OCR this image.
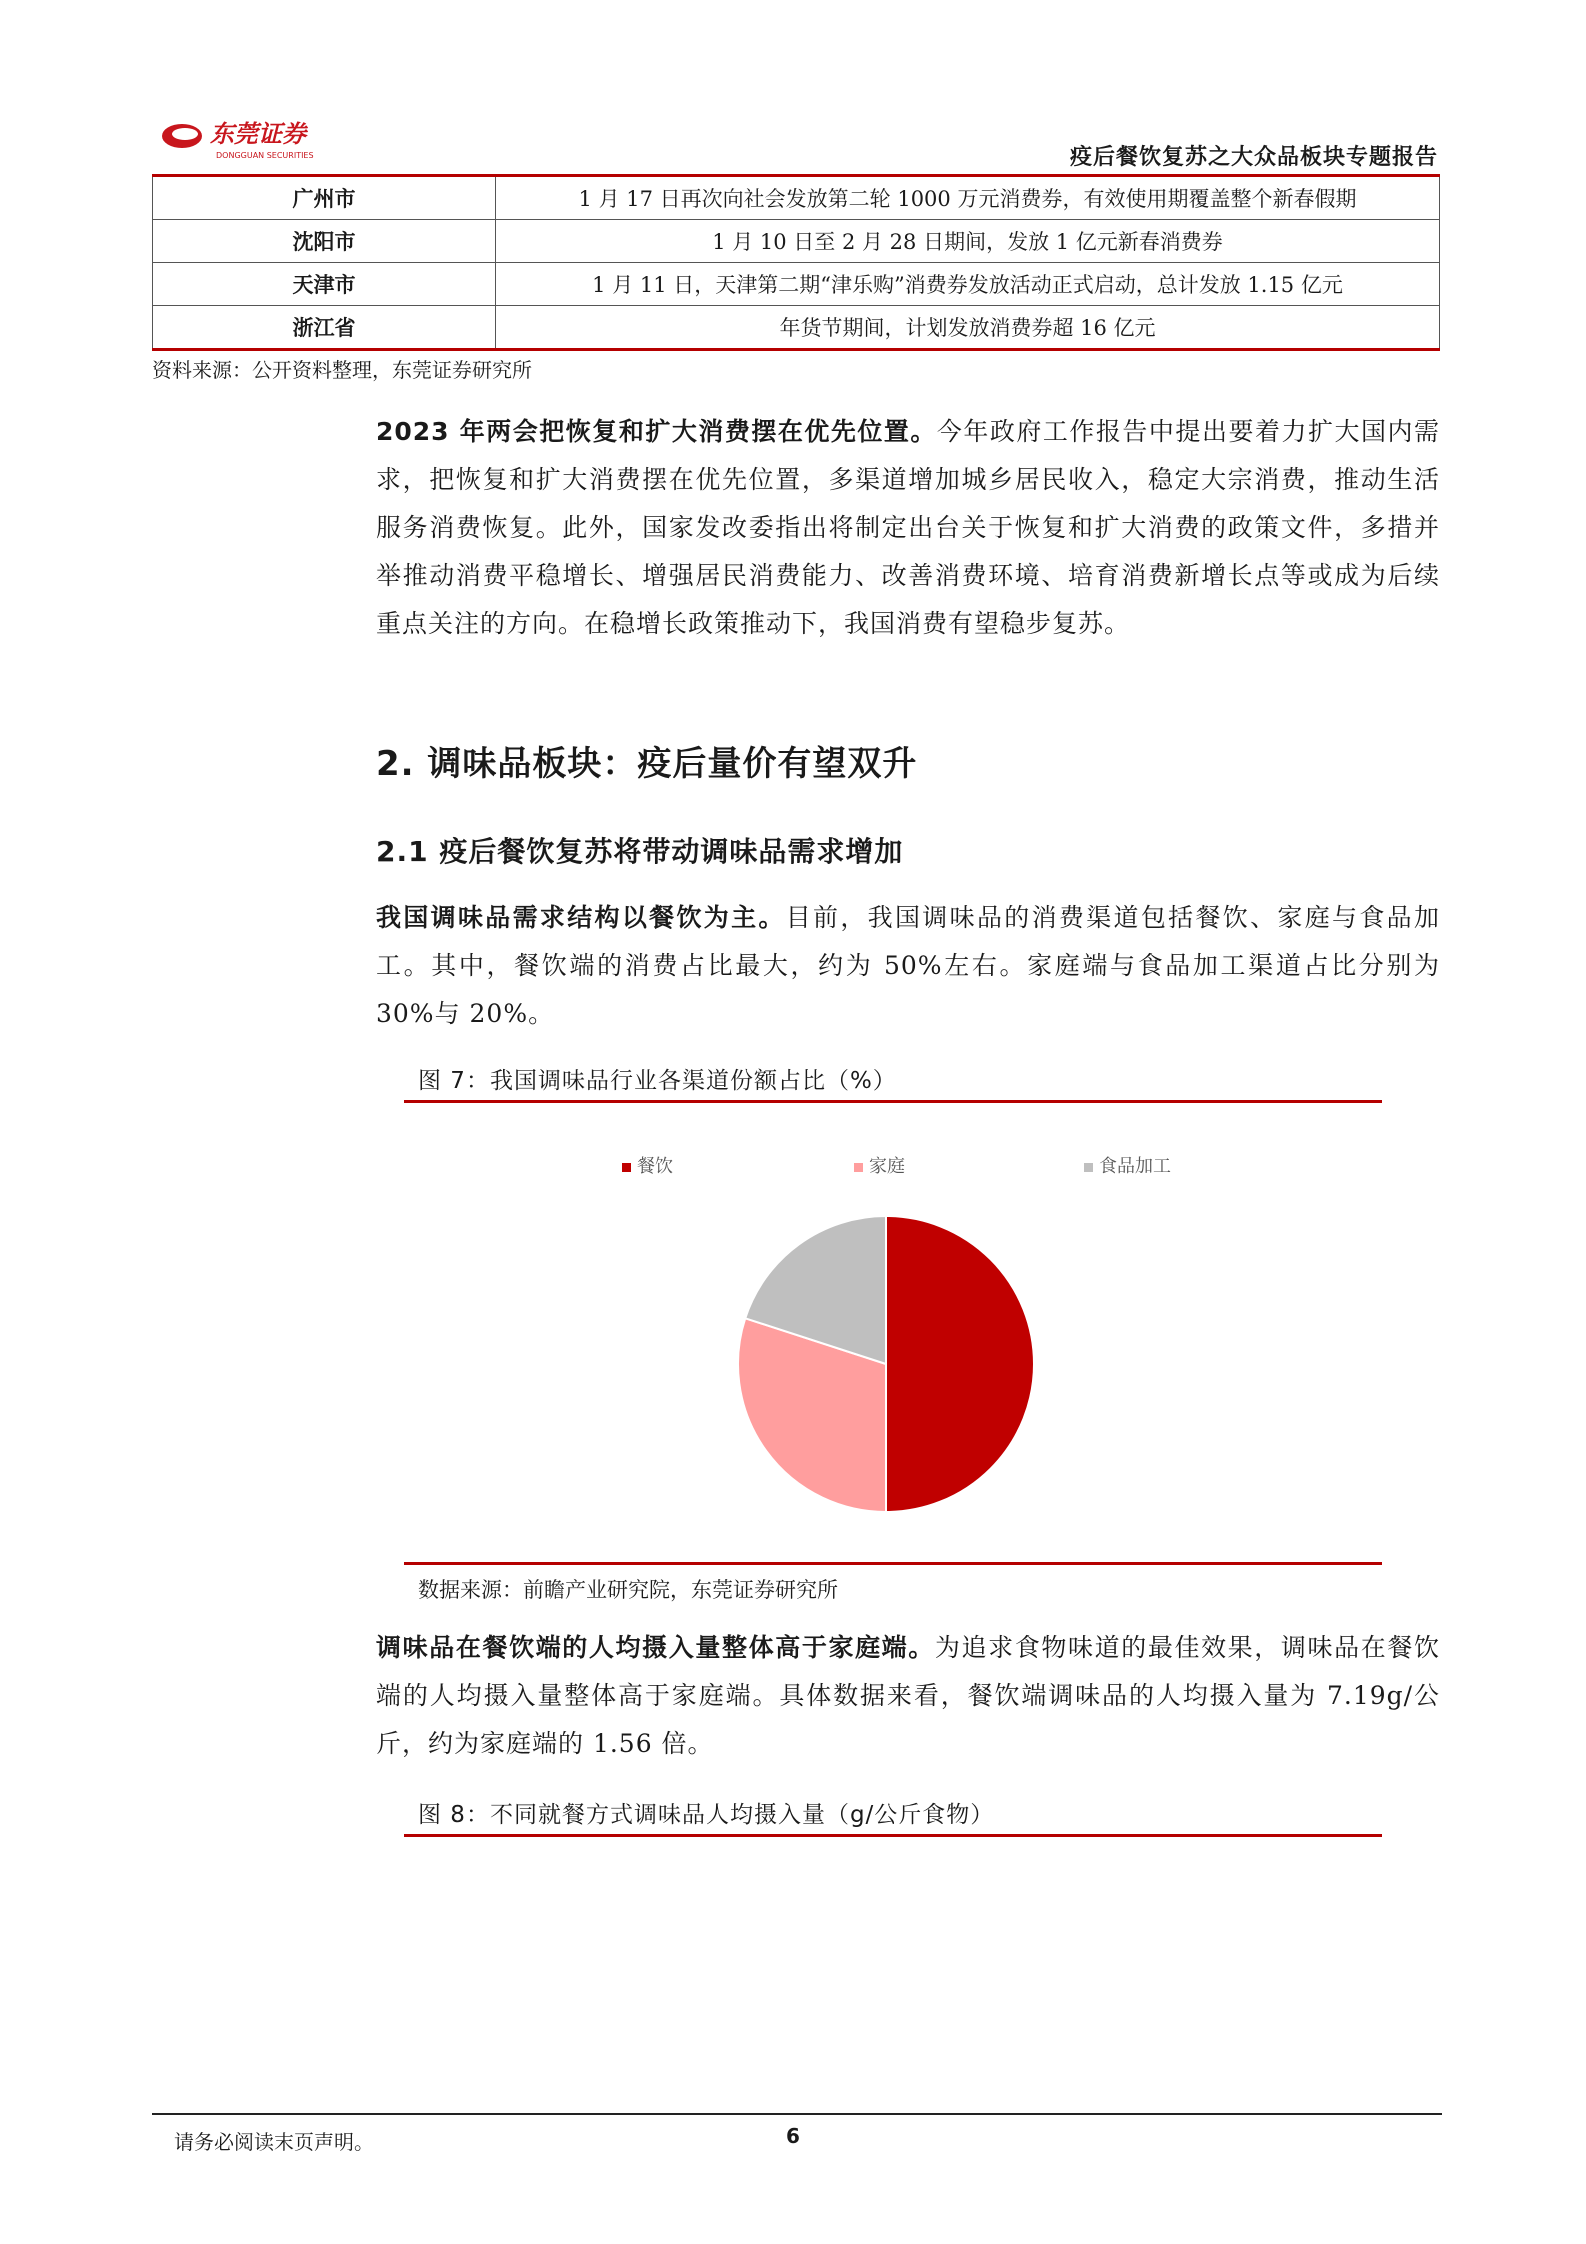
东莞证券
DONGGUAN SECURITIES	疫后餐饮复苏之大众品板块专题报告
广州市	1 月 17 日再次向社会发放第二轮 1000 万元消费券，有效使用期覆盖整个新春假期
沈阳市	1 月 10 日至 2 月 28 日期间，发放 1 亿元新春消费券
天津市	1 月 11 日，天津第二期“津乐购”消费券发放活动正式启动，总计发放 1.15 亿元
浙江省	年货节期间，计划发放消费券超 16 亿元
资料来源：公开资料整理，东莞证券研究所

2023 年两会把恢复和扩大消费摆在优先位置。今年政府工作报告中提出要着力扩大国内需求，把恢复和扩大消费摆在优先位置，多渠道增加城乡居民收入，稳定大宗消费，推动生活服务消费恢复。此外，国家发改委指出将制定出台关于恢复和扩大消费的政策文件，多措并举推动消费平稳增长、增强居民消费能力、改善消费环境、培育消费新增长点等或成为后续重点关注的方向。在稳增长政策推动下，我国消费有望稳步复苏。

2. 调味品板块：疫后量价有望双升
2.1 疫后餐饮复苏将带动调味品需求增加

我国调味品需求结构以餐饮为主。目前，我国调味品的消费渠道包括餐饮、家庭与食品加工。其中，餐饮端的消费占比最大，约为 50%左右。家庭端与食品加工渠道占比分别为 30%与 20%。

图 7：我国调味品行业各渠道份额占比（%）
餐饮	家庭	食品加工
数据来源：前瞻产业研究院，东莞证券研究所

调味品在餐饮端的人均摄入量整体高于家庭端。为追求食物味道的最佳效果，调味品在餐饮端的人均摄入量整体高于家庭端。具体数据来看，餐饮端调味品的人均摄入量为 7.19g/公斤，约为家庭端的 1.56 倍。

图 8：不同就餐方式调味品人均摄入量（g/公斤食物）
请务必阅读末页声明。	6
